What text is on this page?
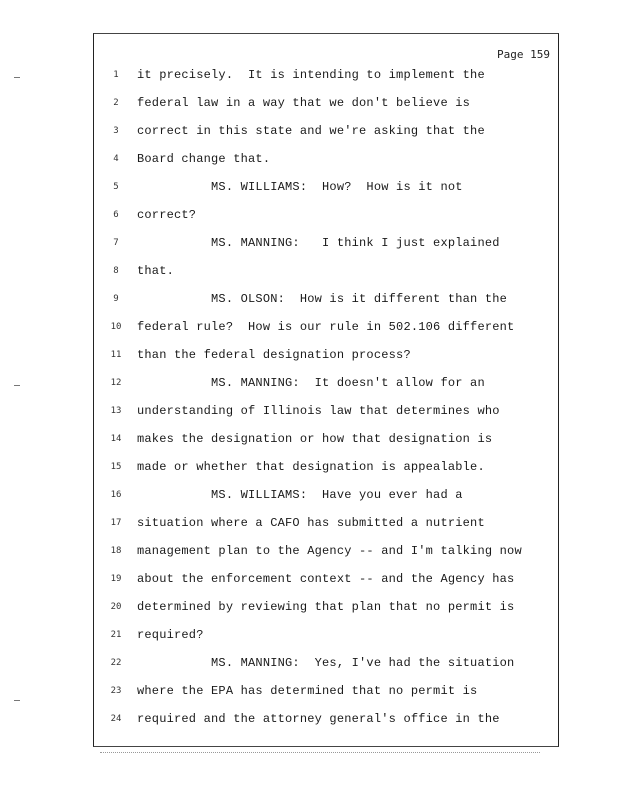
Page 159
1	it precisely.  It is intending to implement the
2	federal law in a way that we don't believe is
3	correct in this state and we're asking that the
4	Board change that.
5	MS. WILLIAMS:  How?  How is it not
6	correct?
7	MS. MANNING:   I think I just explained
8	that.
9	MS. OLSON:  How is it different than the
10 federal rule?  How is our rule in 502.106 different
11 than the federal designation process?
12 MS. MANNING:  It doesn't allow for an
13 understanding of Illinois law that determines who
14 makes the designation or how that designation is
15 made or whether that designation is appealable.
16 MS. WILLIAMS:  Have you ever had a
17 situation where a CAFO has submitted a nutrient
18 management plan to the Agency -- and I'm talking now
19 about the enforcement context -- and the Agency has
20 determined by reviewing that plan that no permit is
21 required?
22 MS. MANNING:  Yes, I've had the situation
23 where the EPA has determined that no permit is
24 required and the attorney general's office in the
